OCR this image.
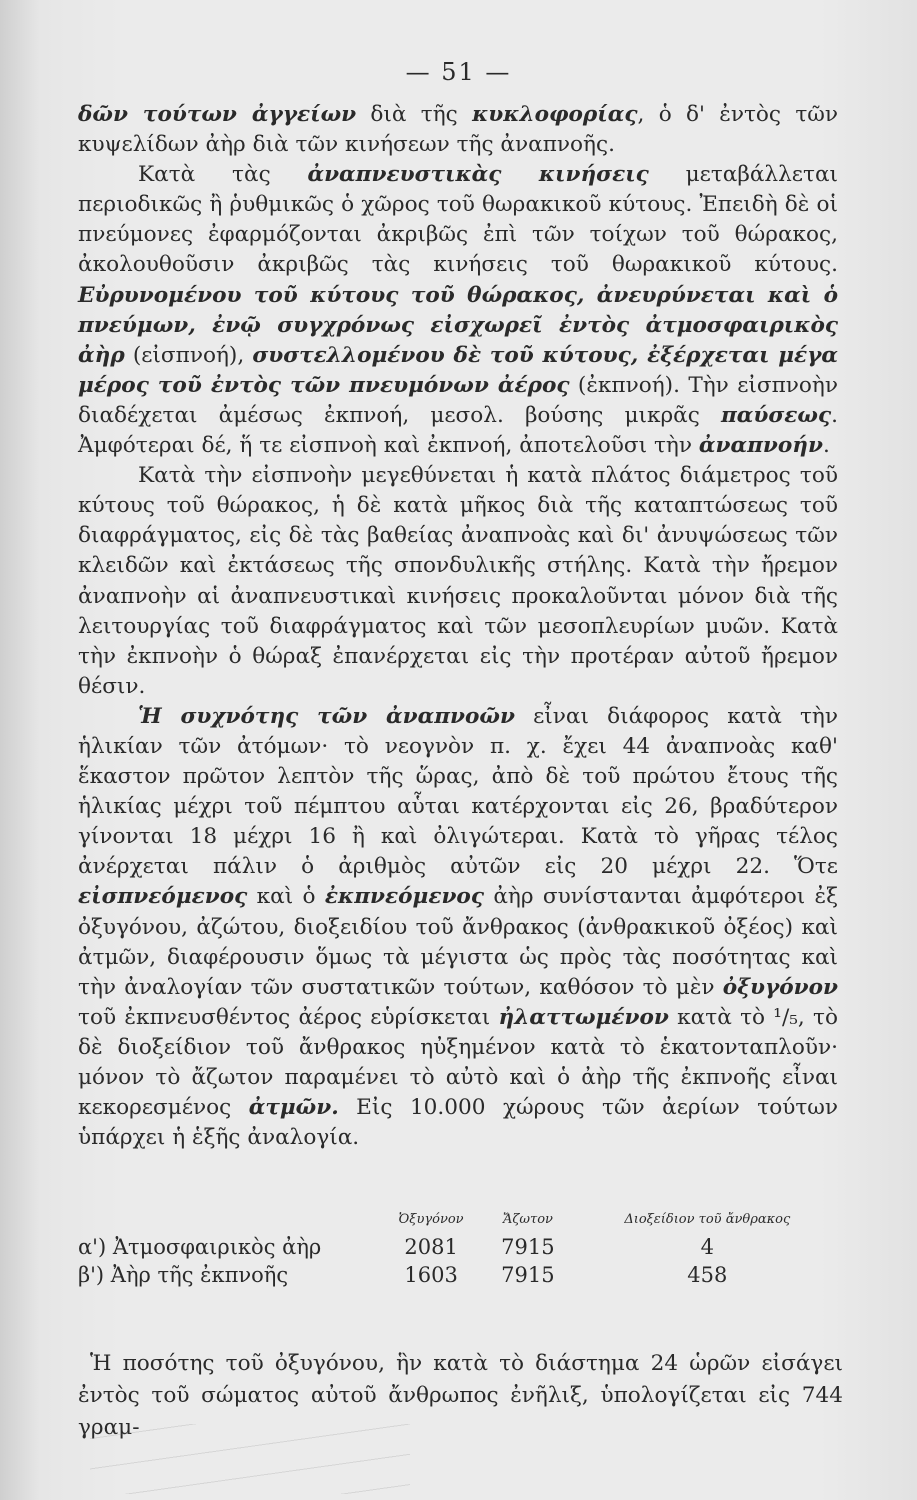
— 51 —

δῶν τούτων ἀγγείων διὰ τῆς κυκλοφορίας, ὁ δ' ἐντὸς τῶν κυψελίδων ἀὴρ διὰ τῶν κινήσεων τῆς ἀναπνοῆς.

Κατὰ τὰς ἀναπνευστικὰς κινήσεις μεταβάλλεται περιοδικῶς ἢ ῥυθμικῶς ὁ χῶρος τοῦ θωρακικοῦ κύτους. Ἐπειδὴ δὲ οἱ πνεύμονες ἐφαρμόζονται ἀκριβῶς ἐπὶ τῶν τοίχων τοῦ θώρακος, ἀκολουθοῦσιν ἀκριβῶς τὰς κινήσεις τοῦ θωρακικοῦ κύτους. Εὐρυνομένου τοῦ κύτους τοῦ θώρακος, ἀνευρύνεται καὶ ὁ πνεύμων, ἐνῷ συγχρόνως εἰσχωρεῖ ἐντὸς ἀτμοσφαιρικὸς ἀὴρ (εἰσπνοή), συστελλομένου δὲ τοῦ κύτους, ἐξέρχεται μέγα μέρος τοῦ ἐντὸς τῶν πνευμόνων ἀέρος (ἐκπνοή). Τὴν εἰσπνοὴν διαδέχεται ἀμέσως ἐκπνοή, μεσολ. βούσης μικρᾶς παύσεως. Ἀμφότεραι δέ, ἥ τε εἰσπνοὴ καὶ ἐκπνοή, ἀποτελοῦσι τὴν ἀναπνοήν.

Κατὰ τὴν εἰσπνοὴν μεγεθύνεται ἡ κατὰ πλάτος διάμετρος τοῦ κύτους τοῦ θώρακος, ἡ δὲ κατὰ μῆκος διὰ τῆς καταπτώσεως τοῦ διαφράγματος, εἰς δὲ τὰς βαθείας ἀναπνοὰς καὶ δι' ἀνυψώσεως τῶν κλειδῶν καὶ ἐκτάσεως τῆς σπονδυλικῆς στήλης. Κατὰ τὴν ἤρεμον ἀναπνοὴν αἱ ἀναπνευστικαὶ κινήσεις προκαλοῦνται μόνον διὰ τῆς λειτουργίας τοῦ διαφράγματος καὶ τῶν μεσοπλευρίων μυῶν. Κατὰ τὴν ἐκπνοὴν ὁ θώραξ ἐπανέρχεται εἰς τὴν προτέραν αὐτοῦ ἤρεμον θέσιν.

Ἡ συχνότης τῶν ἀναπνοῶν εἶναι διάφορος κατὰ τὴν ἡλικίαν τῶν ἀτόμων· τὸ νεογνὸν π. χ. ἔχει 44 ἀναπνοὰς καθ' ἕκαστον πρῶτον λεπτὸν τῆς ὥρας, ἀπὸ δὲ τοῦ πρώτου ἔτους τῆς ἡλικίας μέχρι τοῦ πέμπτου αὗται κατέρχονται εἰς 26, βραδύτερον γίνονται 18 μέχρι 16 ἢ καὶ ὀλιγώτεραι. Κατὰ τὸ γῆρας τέλος ἀνέρχεται πάλιν ὁ ἀριθμὸς αὐτῶν εἰς 20 μέχρι 22. Ὅτε εἰσπνεόμενος καὶ ὁ ἐκπνεόμενος ἀὴρ συνίστανται ἀμφότεροι ἐξ ὀξυγόνου, ἀζώτου, διοξειδίου τοῦ ἄνθρακος (ἀνθρακικοῦ ὀξέος) καὶ ἀτμῶν, διαφέρουσιν ὅμως τὰ μέγιστα ὡς πρὸς τὰς ποσότητας καὶ τὴν ἀναλογίαν τῶν συστατικῶν τούτων, καθόσον τὸ μὲν ὀξυγόνον τοῦ ἐκπνευσθέντος ἀέρος εὑρίσκεται ἠλαττωμένον κατὰ τὸ ¹/₅, τὸ δὲ διοξείδιον τοῦ ἄνθρακος ηὐξημένον κατὰ τὸ ἑκατονταπλοῦν· μόνον τὸ ἄζωτον παραμένει τὸ αὐτὸ καὶ ὁ ἀὴρ τῆς ἐκπνοῆς εἶναι κεκορεσμένος ἀτμῶν. Εἰς 10.000 χώρους τῶν ἀερίων τούτων ὑπάρχει ἡ ἑξῆς ἀναλογία.

	Ὀξυγόνον	Ἄζωτον	Διοξείδιον τοῦ ἄνθρακος
α') Ἀτμοσφαιρικὸς ἀὴρ	2081	7915	4
β') Ἀὴρ τῆς ἐκπνοῆς	1603	7915	458

Ἡ ποσότης τοῦ ὀξυγόνου, ἣν κατὰ τὸ διάστημα 24 ὡρῶν εἰσάγει ἐντὸς τοῦ σώματος αὐτοῦ ἄνθρωπος ἐνῆλιξ, ὑπολογίζεται εἰς 744 γραμ-
